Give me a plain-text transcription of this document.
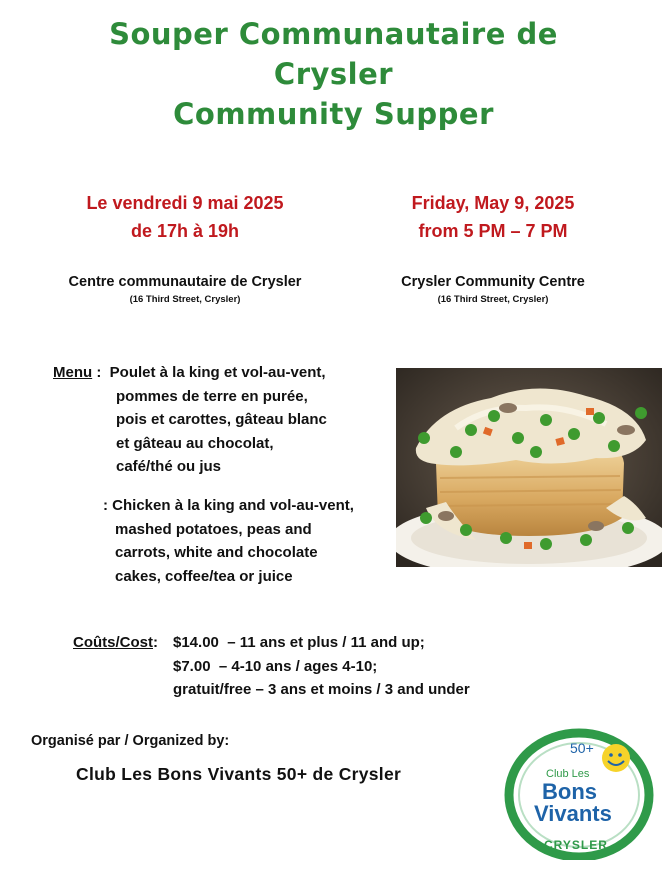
Souper Communautaire de
Crysler
Community Supper
Le vendredi 9 mai 2025
de 17h à 19h
Friday, May 9, 2025
from 5 PM – 7 PM
Centre communautaire de Crysler
(16 Third Street, Crysler)
Crysler Community Centre
(16 Third Street, Crysler)
Menu :  Poulet à la king et vol-au-vent,
pommes de terre en purée,
pois et carottes, gâteau blanc
et gâteau au chocolat,
café/thé ou jus
: Chicken à la king and vol-au-vent,
mashed potatoes, peas and
carrots, white and chocolate
cakes, coffee/tea or juice
Coûts/Cost:	$14.00  – 11 ans et plus / 11 and up;
$7.00  – 4-10 ans / ages 4-10;
gratuit/free – 3 ans et moins / 3 and under
Organisé par / Organized by:
Club Les Bons Vivants 50+ de Crysler
50+
Club Les
Bons
Vivants
CRYSLER
